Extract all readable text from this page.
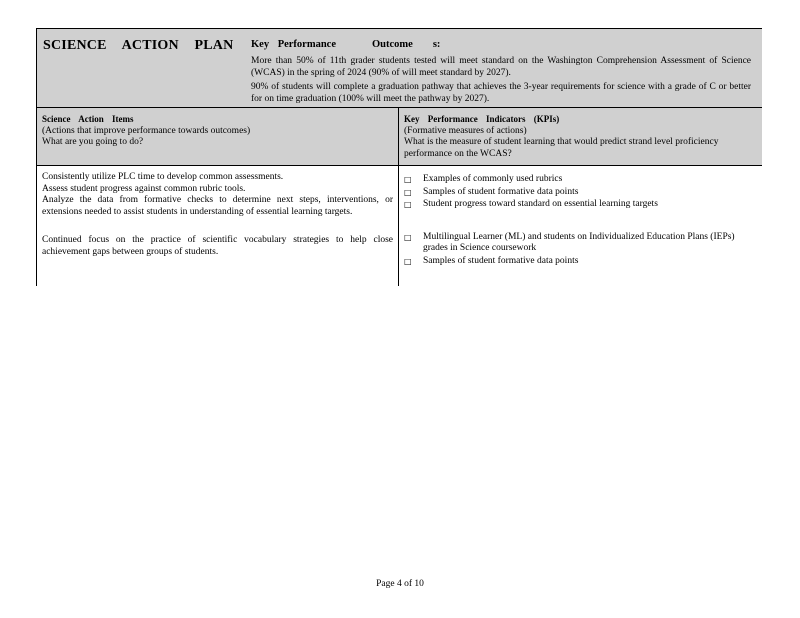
SCIENCE ACTION PLAN Key Performance	Outcome s:
More than 50% of 11th grader students tested will meet standard on the Washington Comprehension Assessment of Science (WCAS) in the spring of 2024 (90% of will meet standard by 2027).
90% of students will complete a graduation pathway that achieves the 3-year requirements for science with a grade of C or better for on time graduation (100% will meet the pathway by 2027).
Science Action Items
(Actions that improve performance towards outcomes)
What are you going to do?
Key Performance Indicators (KPIs)
(Formative measures of actions)
What is the measure of student learning that would predict strand level proficiency performance on the WCAS?

Consistently utilize PLC time to develop common assessments.

Assess student progress against common rubric tools.

Analyze the data from formative checks to determine next steps, interventions, or extensions needed to assist students in understanding of essential learning targets.

Continued focus on the practice of scientific vocabulary strategies to help close achievement gaps between groups of students.

□ Examples of commonly used rubrics
□ Samples of student formative data points
□ Student progress toward standard on essential learning targets
□ Multilingual Learner (ML) and students on Individualized Education Plans (IEPs) grades in Science coursework
□ Samples of student formative data points
Page 4 of 10
